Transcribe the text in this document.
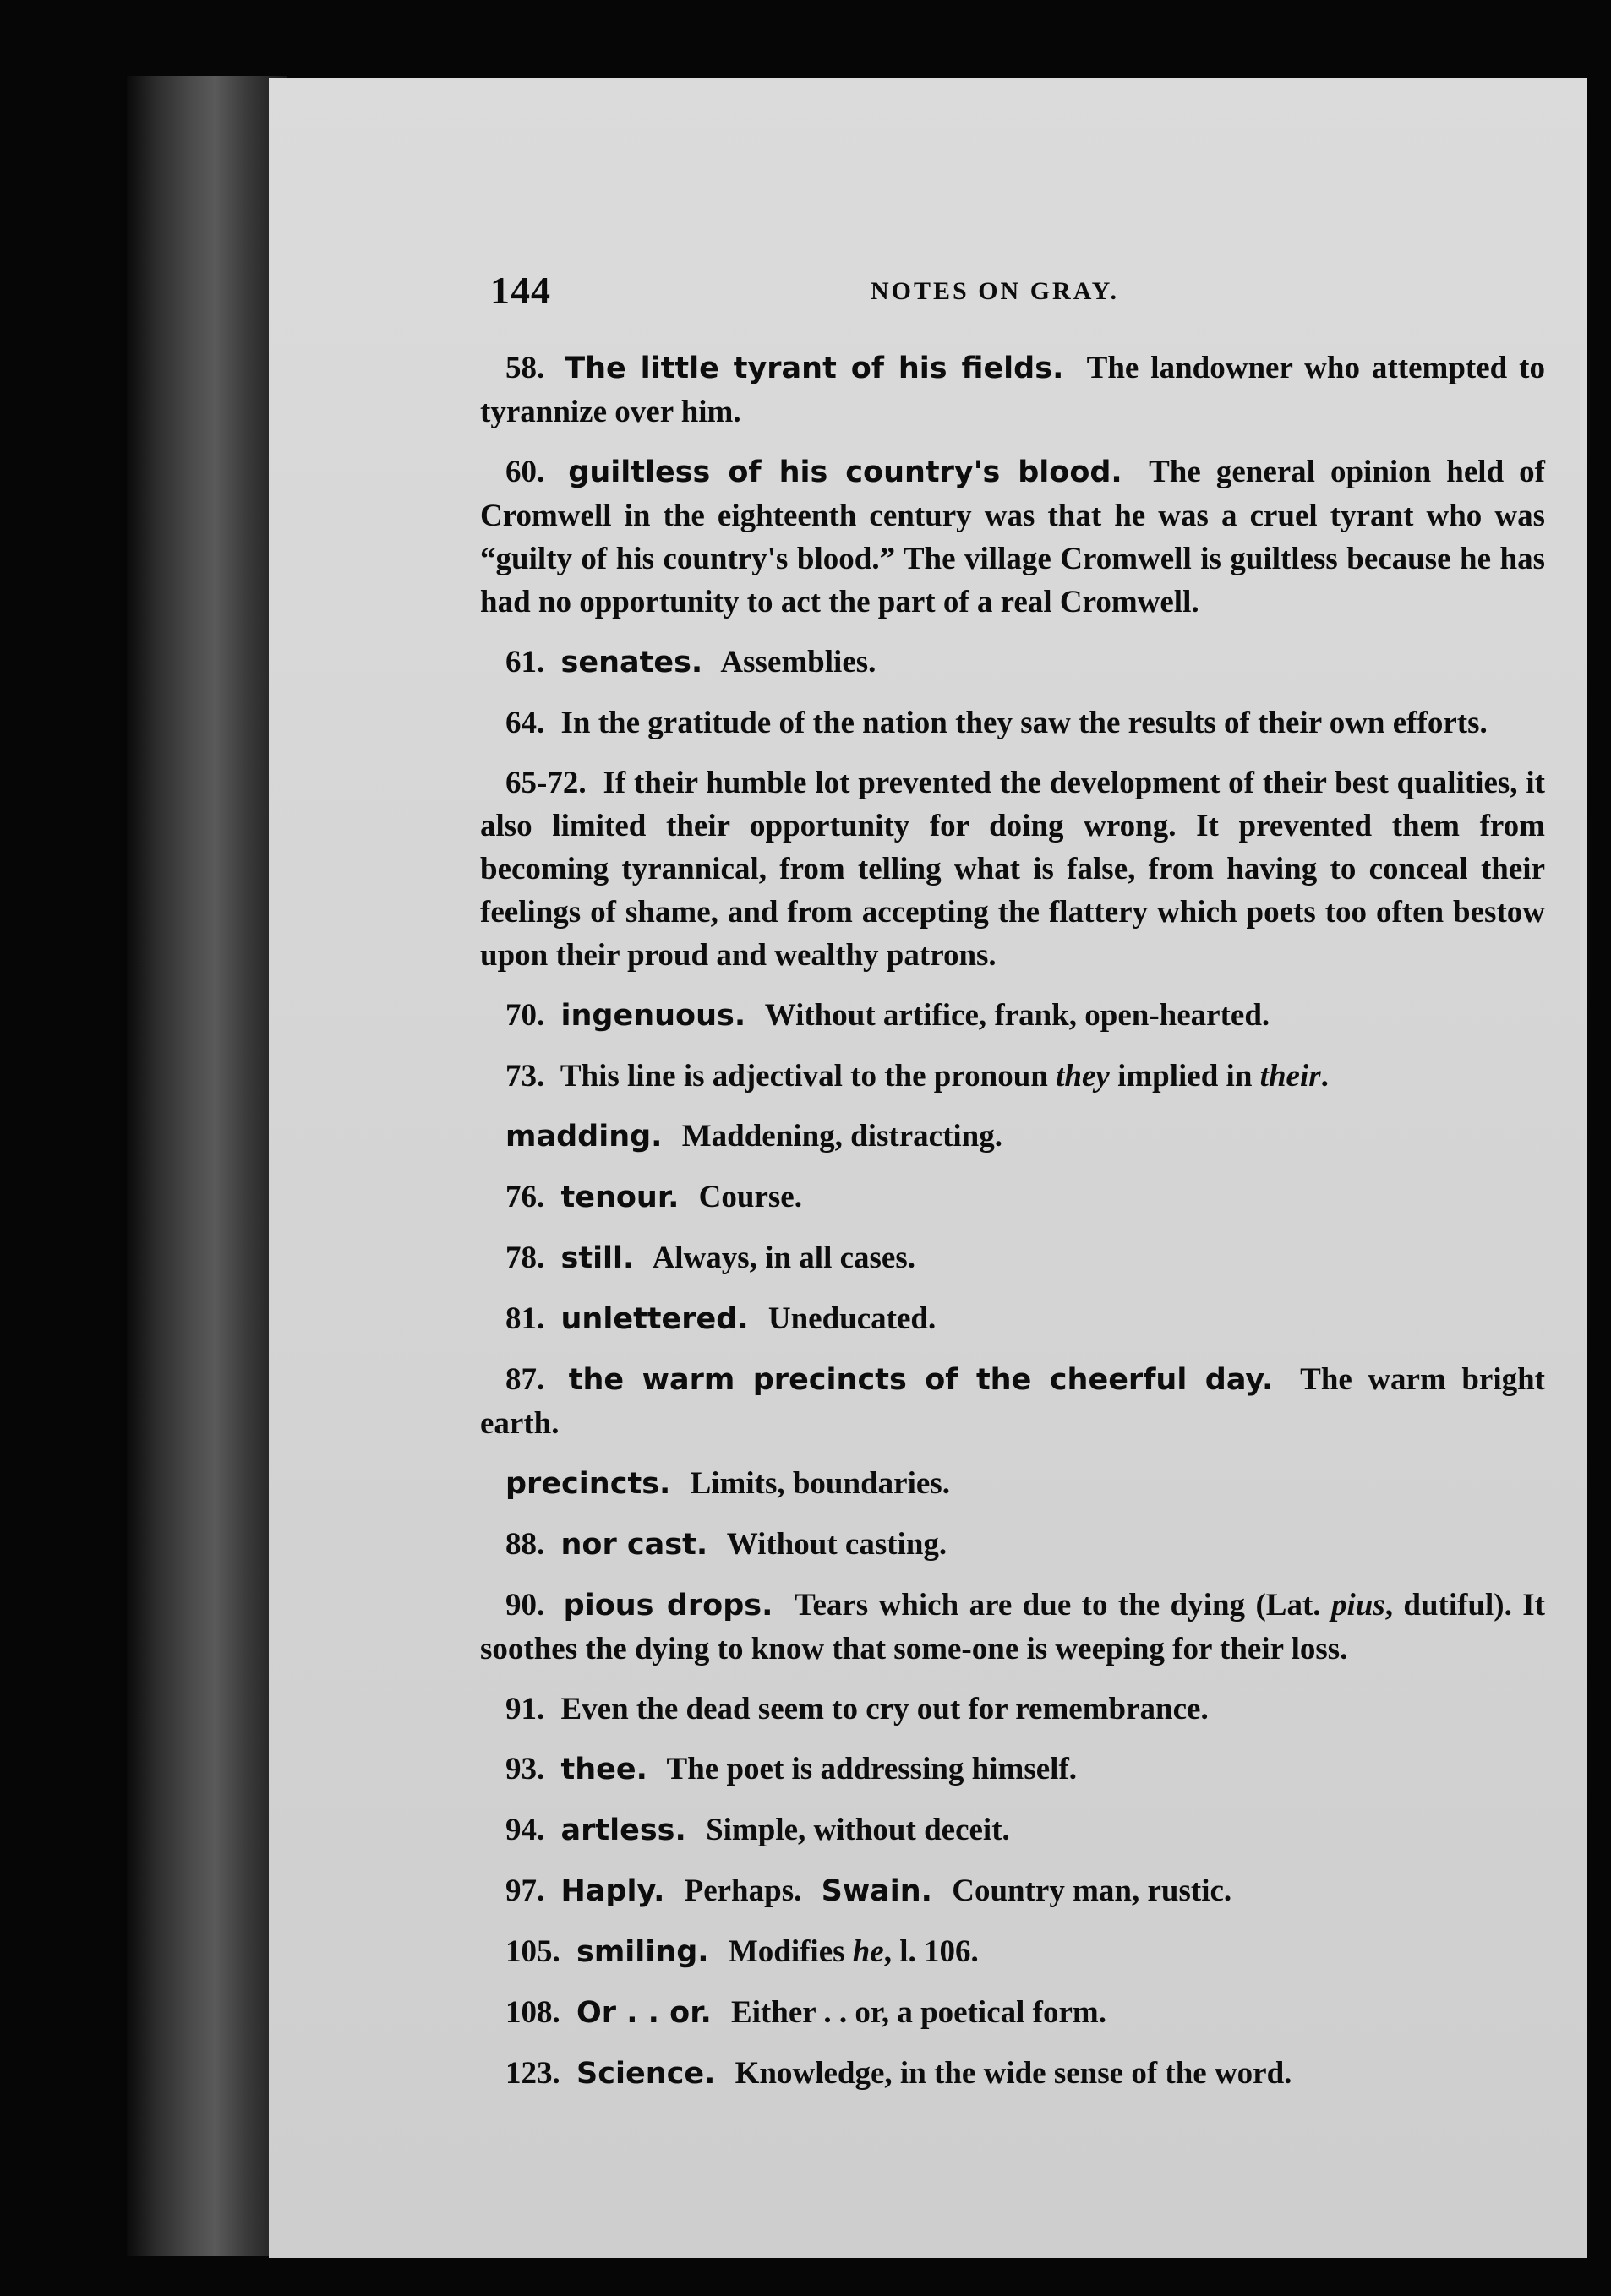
144	NOTES ON GRAY.

58. The little tyrant of his fields. The landowner who attempted to tyrannize over him.

60. guiltless of his country's blood. The general opinion held of Cromwell in the eighteenth century was that he was a cruel tyrant who was “guilty of his country's blood.” The village Cromwell is guiltless because he has had no opportunity to act the part of a real Cromwell.

61. senates. Assemblies.

64. In the gratitude of the nation they saw the results of their own efforts.

65-72. If their humble lot prevented the development of their best qualities, it also limited their opportunity for doing wrong. It prevented them from becoming tyrannical, from telling what is false, from having to conceal their feelings of shame, and from accepting the flattery which poets too often bestow upon their proud and wealthy patrons.

70. ingenuous. Without artifice, frank, open-hearted.

73. This line is adjectival to the pronoun they implied in their.

madding. Maddening, distracting.

76. tenour. Course.

78. still. Always, in all cases.

81. unlettered. Uneducated.

87. the warm precincts of the cheerful day. The warm bright earth.

precincts. Limits, boundaries.

88. nor cast. Without casting.

90. pious drops. Tears which are due to the dying (Lat. pius, dutiful). It soothes the dying to know that some-one is weeping for their loss.

91. Even the dead seem to cry out for remembrance.

93. thee. The poet is addressing himself.

94. artless. Simple, without deceit.

97. Haply. Perhaps. Swain. Country man, rustic.

105. smiling. Modifies he, l. 106.

108. Or . . or. Either . . or, a poetical form.

123. Science. Knowledge, in the wide sense of the word.
